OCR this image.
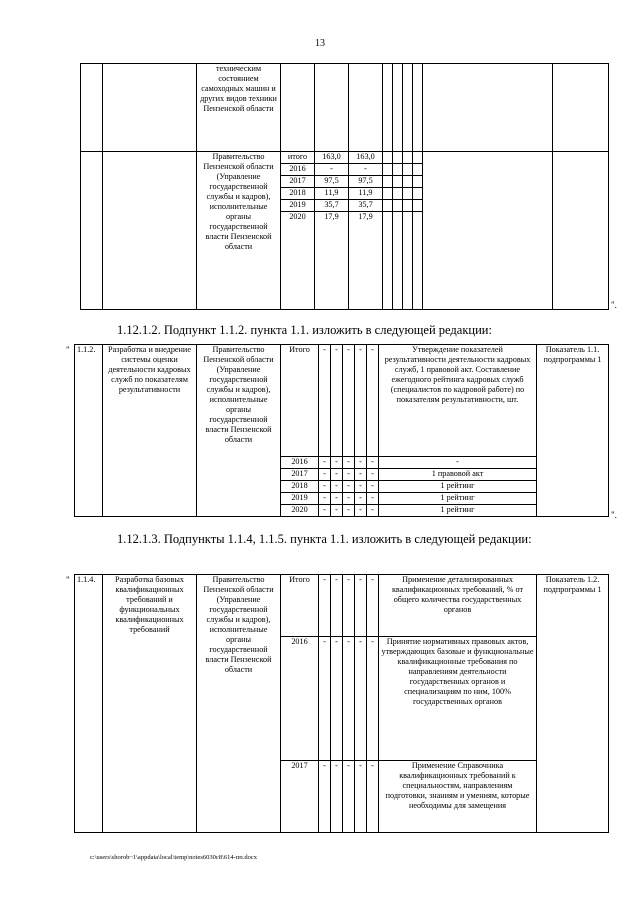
13
		техническим состоянием самоходных машин и других видов техники Пензенской области									
		Правительство Пензенской области (Управление государственной службы и кадров), исполнительные органы государственной власти Пензенской области	итого	163,0	163,0						
			2016	-	-						
			2017	97,5	97,5						
			2018	11,9	11,9						
			2019	35,7	35,7						
			2020	17,9	17,9						
".
1.12.1.2. Подпункт 1.1.2. пункта 1.1. изложить в следующей редакции:
" 1.1.2.	Разработка и внедрение системы оценки деятельности кадровых служб по показателям результативности	Правительство Пензенской области (Управление государственной службы и кадров), исполнительные органы государственной власти Пензенской области	Итого	-	-	-	-	-	Утверждение показателей результативности деятельности кадровых служб, 1 правовой акт. Составление ежегодного рейтинга кадровых служб (специалистов по кадровой работе) по показателям результативности, шт.	Показатель 1.1. подпрограммы 1
			2016	-	-	-	-	-	-	
			2017	-	-	-	-	-	1 правовой акт	
			2018	-	-	-	-	-	1 рейтинг	
			2019	-	-	-	-	-	1 рейтинг	
			2020	-	-	-	-	-	1 рейтинг	
".
1.12.1.3. Подпункты 1.1.4, 1.1.5. пункта 1.1. изложить в следующей редакции:
" 1.1.4.	Разработка базовых квалификационных требований и функциональных квалификационных требований	Правительство Пензенской области (Управление государственной службы и кадров), исполнительные органы государственной власти Пензенской области	Итого	-	-	-	-	-	Применение детализированных квалификационных требований, % от общего количества государственных органов	Показатель 1.2. подпрограммы 1
			2016	-	-	-	-	-	Принятие нормативных правовых актов, утверждающих базовые и функциональные квалификационные требования по направлениям деятельности государственных органов и специализациям по ним, 100% государственных органов	
			2017	-	-	-	-	-	Применение Справочника квалификационных требований к специальностям, направлениям подготовки, знаниям и умениям, которые необходимы для замещения	
c:\users\shorob~1\appdata\local\temp\notes6030c8\614-пп.docx
